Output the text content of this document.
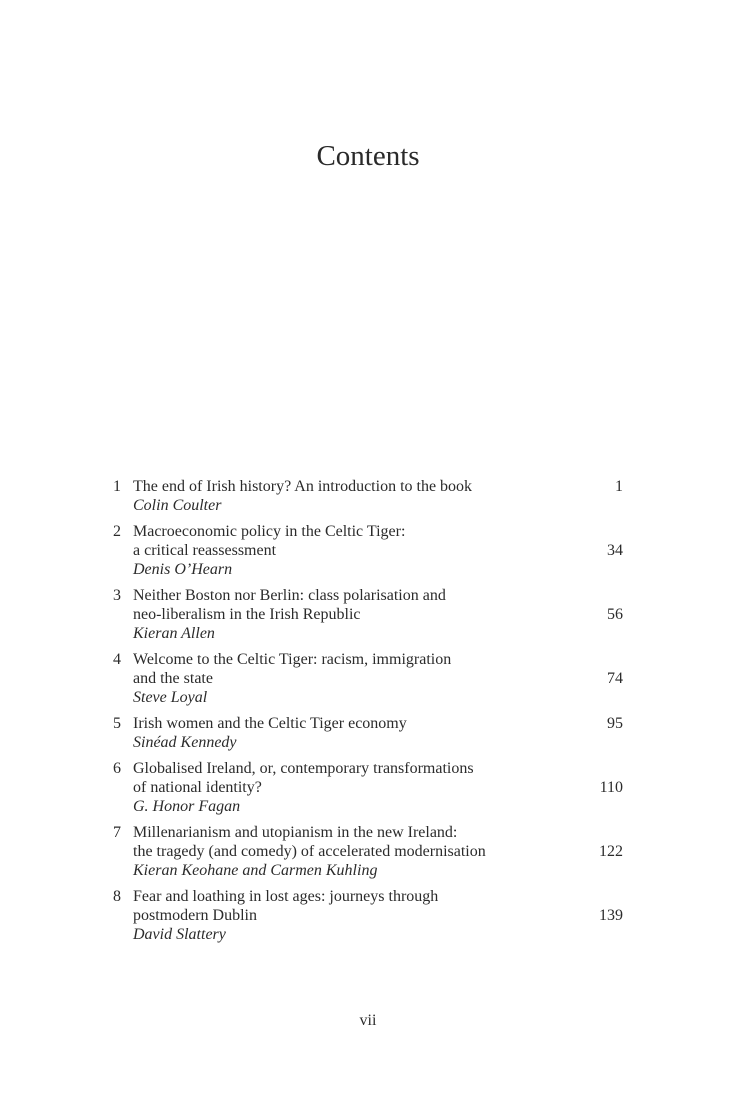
Contents
1 The end of Irish history? An introduction to the book
Colin Coulter
1
2 Macroeconomic policy in the Celtic Tiger:
a critical reassessment
Denis O’Hearn
34
3 Neither Boston nor Berlin: class polarisation and
neo-liberalism in the Irish Republic
Kieran Allen
56
4 Welcome to the Celtic Tiger: racism, immigration
and the state
Steve Loyal
74
5 Irish women and the Celtic Tiger economy
Sinéad Kennedy
95
6 Globalised Ireland, or, contemporary transformations
of national identity?
G. Honor Fagan
110
7 Millenarianism and utopianism in the new Ireland:
the tragedy (and comedy) of accelerated modernisation
Kieran Keohane and Carmen Kuhling
122
8 Fear and loathing in lost ages: journeys through
postmodern Dublin
David Slattery
139
vii
